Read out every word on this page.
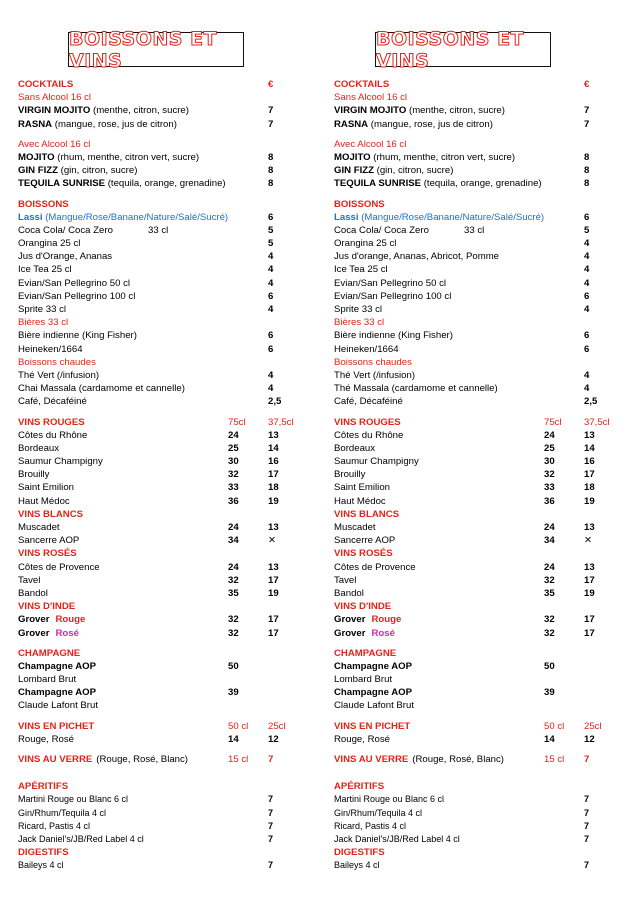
BOISSONS ET VINS
COCKTAILS	€
Sans Alcool 16 cl
VIRGIN MOJITO (menthe, citron, sucre)	7
RASNA (mangue, rose, jus de citron)	7
Avec Alcool 16 cl
MOJITO (rhum, menthe, citron vert, sucre)	8
GIN FIZZ (gin, citron, sucre)	8
TEQUILA SUNRISE (tequila, orange, grenadine)	8
BOISSONS
Lassi (Mangue/Rose/Banane/Nature/Salé/Sucré)	6
Coca Cola/ Coca Zero	33 cl	5
Orangina 25 cl	5
Jus d'Orange, Ananas	4
Ice Tea 25 cl	4
Evian/San Pellegrino 50 cl	4
Evian/San Pellegrino 100 cl	6
Sprite 33 cl	4
Bières 33 cl
Bière indienne (King Fisher)	6
Heineken/1664	6
Boissons chaudes
Thé Vert (/infusion)	4
Chai Massala (cardamome et cannelle)	4
Café, Décaféiné	2,5
VINS ROUGES	75cl 37,5cl
Côtes du Rhône	24	13
Bordeaux	25	14
Saumur Champigny	30	16
Brouilly	32	17
Saint Emilion	33	18
Haut Médoc	36	19
VINS BLANCS
Muscadet	24	13
Sancerre AOP	34	✕
VINS ROSÉS
Côtes de Provence	24	13
Tavel	32	17
Bandol	35	19
VINS D'INDE
Grover Rouge	32	17
Grover Rosé	32	17
CHAMPAGNE
Champagne AOP	50
Lombard Brut
Champagne AOP	39
Claude Lafont Brut
VINS EN PICHET	50 cl 25cl
Rouge, Rosé	14	12
VINS AU VERRE (Rouge, Rosé, Blanc)	15 cl 7
APÉRITIFS
Martini Rouge ou Blanc 6 cl	7
Gin/Rhum/Tequila 4 cl	7
Ricard, Pastis 4 cl	7
Jack Daniel's/JB/Red Label 4 cl	7
DIGESTIFS
Baileys 4 cl	7
BOISSONS ET VINS
COCKTAILS	€
Sans Alcool 16 cl
VIRGIN MOJITO (menthe, citron, sucre)	7
RASNA (mangue, rose, jus de citron)	7
Avec Alcool 16 cl
MOJITO (rhum, menthe, citron vert, sucre)	8
GIN FIZZ (gin, citron, sucre)	8
TEQUILA SUNRISE (tequila, orange, grenadine)	8
BOISSONS
Lassi (Mangue/Rose/Banane/Nature/Salé/Sucré)	6
Coca Cola/ Coca Zero	33 cl	5
Orangina 25 cl	4
Jus d'orange, Ananas, Abricot, Pomme	4
Ice Tea 25 cl	4
Evian/San Pellegrino 50 cl	4
Evian/San Pellegrino 100 cl	6
Sprite 33 cl	4
Bières 33 cl
Bière indienne (King Fisher)	6
Heineken/1664	6
Boissons chaudes
Thé Vert (/infusion)	4
Thé Massala (cardamome et cannelle)	4
Café, Décaféiné	2,5
VINS ROUGES	75cl 37,5cl
Côtes du Rhône	24	13
Bordeaux	25	14
Saumur Champigny	30	16
Brouilly	32	17
Saint Emilion	33	18
Haut Médoc	36	19
VINS BLANCS
Muscadet	24	13
Sancerre AOP	34	✕
VINS ROSÉS
Côtes de Provence	24	13
Tavel	32	17
Bandol	35	19
VINS D'INDE
Grover Rouge	32	17
Grover Rosé	32	17
CHAMPAGNE
Champagne AOP	50
Lombard Brut
Champagne AOP	39
Claude Lafont Brut
VINS EN PICHET	50 cl 25cl
Rouge, Rosé	14	12
VINS AU VERRE (Rouge, Rosé, Blanc)	15 cl 7
APÉRITIFS
Martini Rouge ou Blanc 6 cl	7
Gin/Rhum/Tequila 4 cl	7
Ricard, Pastis 4 cl	7
Jack Daniel's/JB/Red Label 4 cl	7
DIGESTIFS
Baileys 4 cl	7
